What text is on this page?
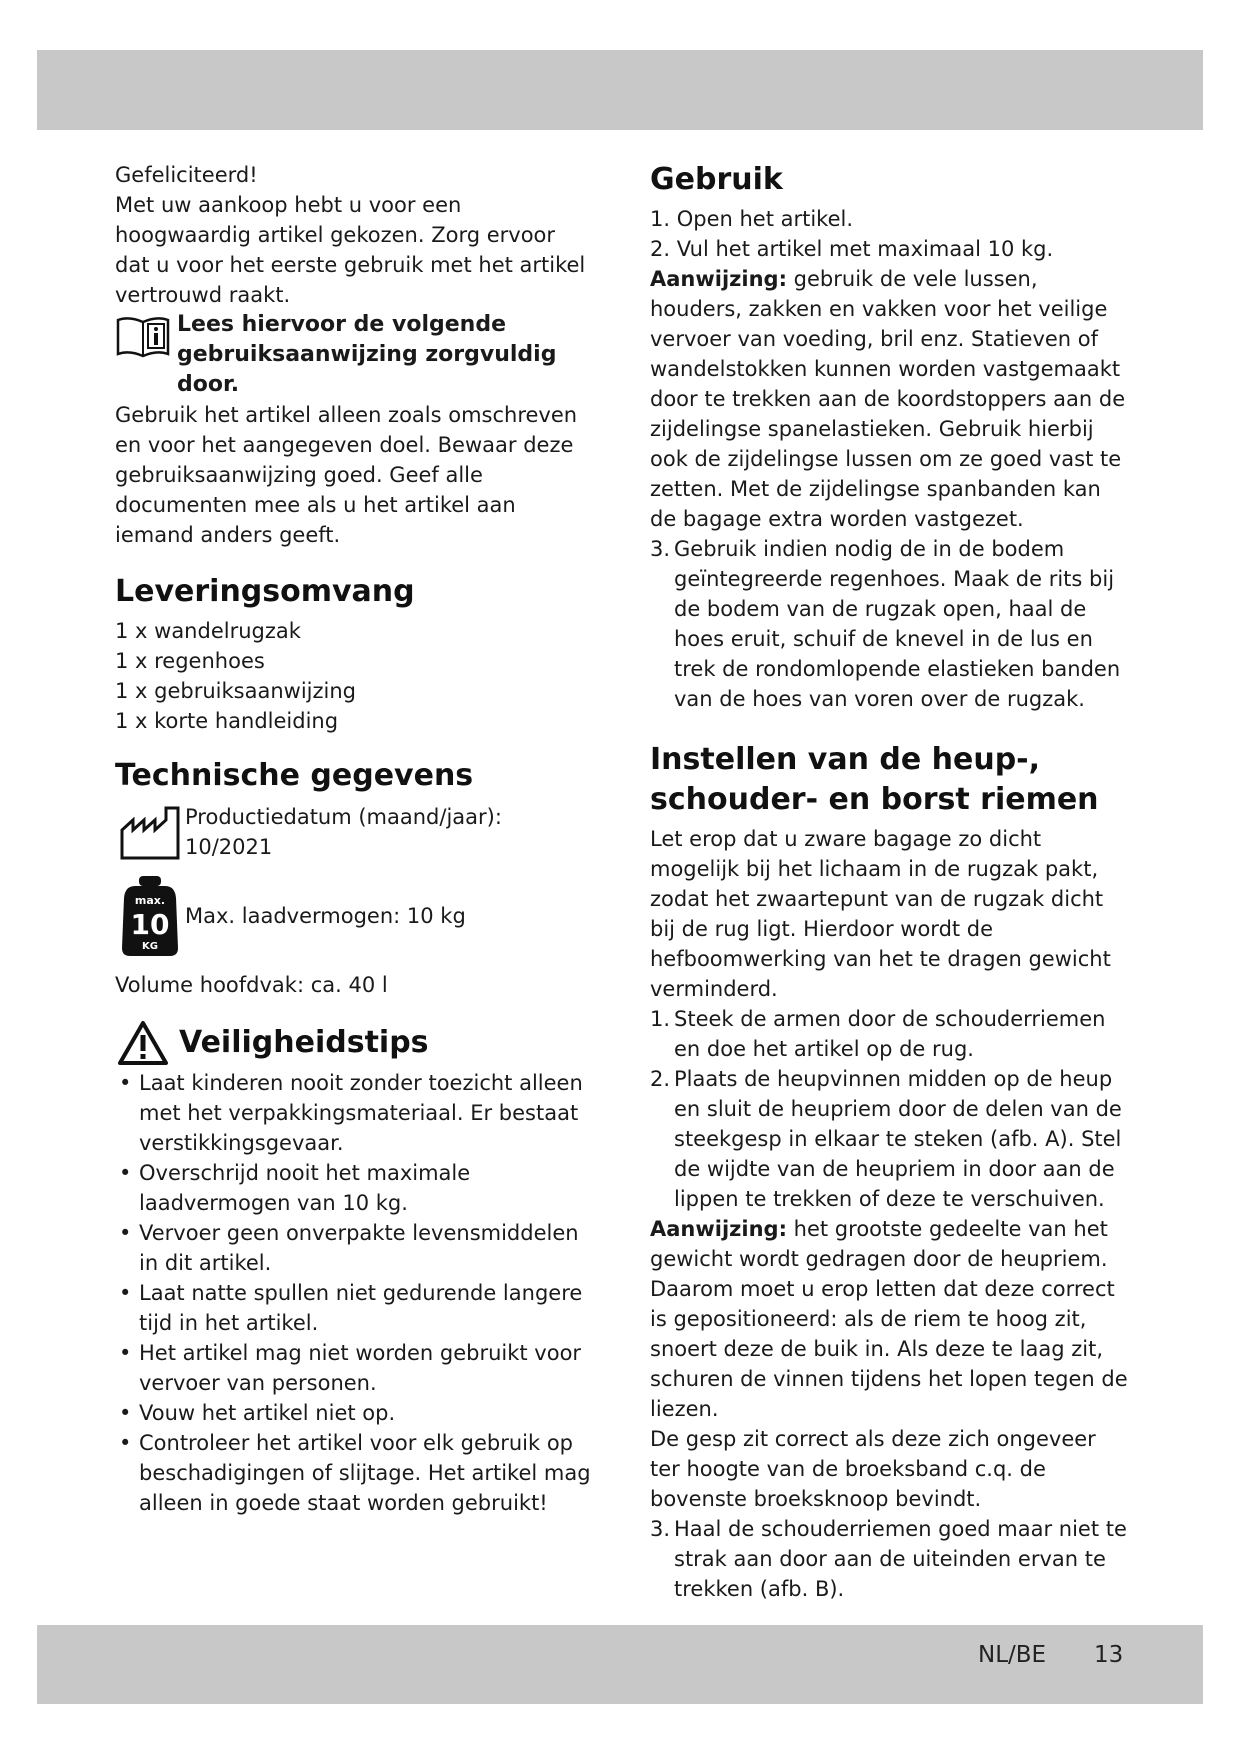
Gefeliciteerd!

Met uw aankoop hebt u voor een hoogwaardig artikel gekozen. Zorg ervoor dat u voor het eerste gebruik met het artikel vertrouwd raakt.

Lees hiervoor de volgende gebruiksaanwijzing zorgvuldig door.

Gebruik het artikel alleen zoals omschreven en voor het aangegeven doel. Bewaar deze gebruiksaanwijzing goed. Geef alle documenten mee als u het artikel aan iemand anders geeft.

Leveringsomvang
1 x wandelrugzak
1 x regenhoes
1 x gebruiksaanwijzing
1 x korte handleiding
Technische gegevens
Productiedatum (maand/jaar):
10/2021
max.
10
KG
Max. laadvermogen: 10 kg

Volume hoofdvak: ca. 40 l

Veiligheidstips
• Laat kinderen nooit zonder toezicht alleen met het verpakkingsmateriaal. Er bestaat verstikkingsgevaar.
• Overschrijd nooit het maximale laadvermogen van 10 kg.
• Vervoer geen onverpakte levensmiddelen in dit artikel.
• Laat natte spullen niet gedurende langere tijd in het artikel.
• Het artikel mag niet worden gebruikt voor vervoer van personen.
• Vouw het artikel niet op.
• Controleer het artikel voor elk gebruik op beschadigingen of slijtage. Het artikel mag alleen in goede staat worden gebruikt!
Gebruik

1. Open het artikel.

2. Vul het artikel met maximaal 10 kg.

Aanwijzing: gebruik de vele lussen, houders, zakken en vakken voor het veilige vervoer van voeding, bril enz. Statieven of wandelstokken kunnen worden vastgemaakt door te trekken aan de koordstoppers aan de zijdelingse spanelastieken. Gebruik hierbij ook de zijdelingse lussen om ze goed vast te zetten. Met de zijdelingse spanbanden kan de bagage extra worden vastgezet.

3. Gebruik indien nodig de in de bodem geïntegreerde regenhoes. Maak de rits bij de bodem van de rugzak open, haal de hoes eruit, schuif de knevel in de lus en trek de rondomlopende elastieken banden van de hoes van voren over de rugzak.
Instellen van de heup-, schouder- en borst riemen

Let erop dat u zware bagage zo dicht mogelijk bij het lichaam in de rugzak pakt, zodat het zwaartepunt van de rugzak dicht bij de rug ligt. Hierdoor wordt de hefboomwerking van het te dragen gewicht verminderd.

1. Steek de armen door de schouderriemen en doe het artikel op de rug.
2. Plaats de heupvinnen midden op de heup en sluit de heupriem door de delen van de steekgesp in elkaar te steken (afb. A). Stel de wijdte van de heupriem in door aan de lippen te trekken of deze te verschuiven.

Aanwijzing: het grootste gedeelte van het gewicht wordt gedragen door de heupriem. Daarom moet u erop letten dat deze correct is gepositioneerd: als de riem te hoog zit, snoert deze de buik in. Als deze te laag zit, schuren de vinnen tijdens het lopen tegen de liezen.

De gesp zit correct als deze zich ongeveer ter hoogte van de broeksband c.q. de bovenste broeksknoop bevindt.

3. Haal de schouderriemen goed maar niet te strak aan door aan de uiteinden ervan te trekken (afb. B).
NL/BE 13
